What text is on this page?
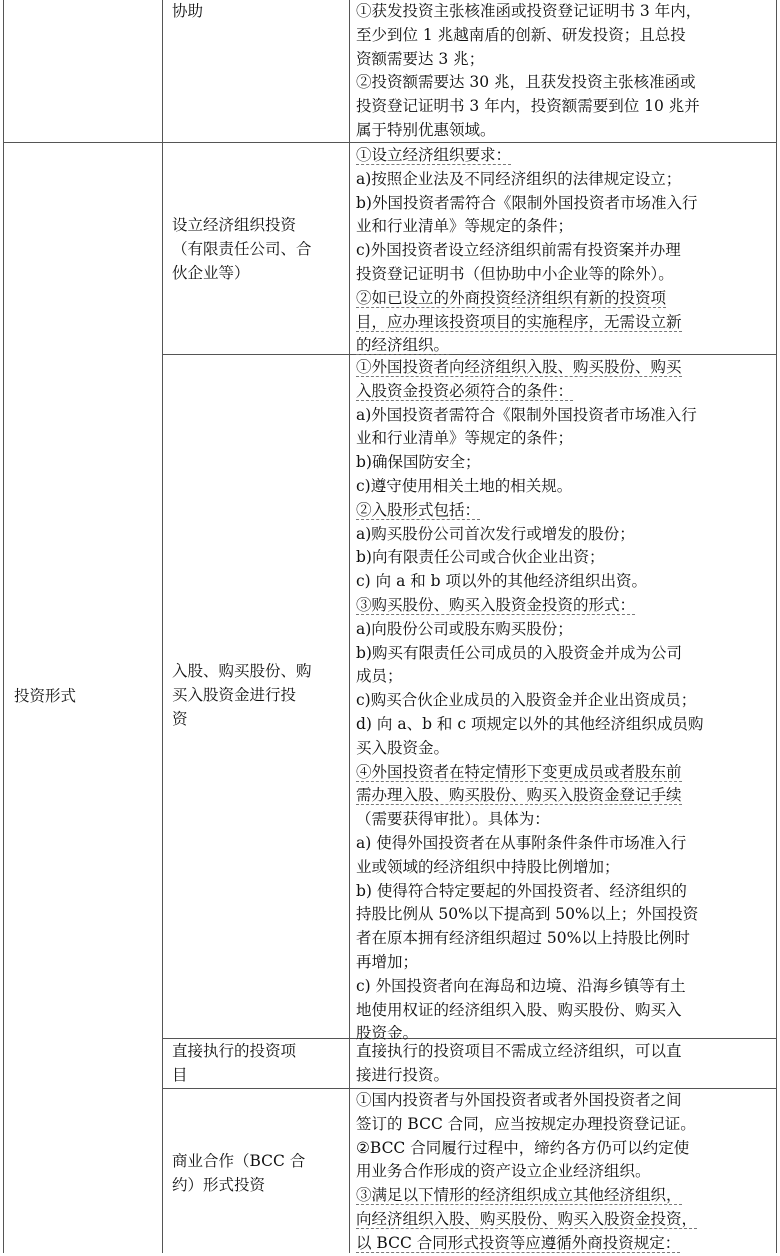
协助	①获发投资主张核准函或投资登记证明书 3 年内，

至少到位 1 兆越南盾的创新、研发投资；且总投

资额需要达 3 兆；

②投资额需要达 30 兆，且获发投资主张核准函或

投资登记证明书 3 年内，投资额需要到位 10 兆并

属于特别优惠领域。

设立经济组织投资

（有限责任公司、合

伙企业等）

①设立经济组织要求：

a)按照企业法及不同经济组织的法律规定设立；

b)外国投资者需符合《限制外国投资者市场准入行

业和行业清单》等规定的条件；

c)外国投资者设立经济组织前需有投资案并办理

投资登记证明书（但协助中小企业等的除外）。

②如已设立的外商投资经济组织有新的投资项

目，应办理该投资项目的实施程序，无需设立新

的经济组织。

投资形式

入股、购买股份、购

买入股资金进行投

资

①外国投资者向经济组织入股、购买股份、购买

入股资金投资必须符合的条件：

a)外国投资者需符合《限制外国投资者市场准入行

业和行业清单》等规定的条件；

b)确保国防安全；

c)遵守使用相关土地的相关规。

②入股形式包括：

a)购买股份公司首次发行或增发的股份；

b)向有限责任公司或合伙企业出资；

c) 向 a 和 b 项以外的其他经济组织出资。

③购买股份、购买入股资金投资的形式：

a)向股份公司或股东购买股份；

b)购买有限责任公司成员的入股资金并成为公司

成员；

c)购买合伙企业成员的入股资金并企业出资成员；

d) 向 a、b 和 c 项规定以外的其他经济组织成员购

买入股资金。

④外国投资者在特定情形下变更成员或者股东前

需办理入股、购买股份、购买入股资金登记手续

（需要获得审批）。具体为：

a) 使得外国投资者在从事附条件条件市场准入行

业或领域的经济组织中持股比例增加；

b) 使得符合特定要起的外国投资者、经济组织的

持股比例从 50%以下提高到 50%以上；外国投资

者在原本拥有经济组织超过 50%以上持股比例时

再增加；

c) 外国投资者向在海岛和边境、沿海乡镇等有土

地使用权证的经济组织入股、购买股份、购买入

股资金。

直接执行的投资项

目

直接执行的投资项目不需成立经济组织，可以直

接进行投资。

商业合作（BCC 合

约）形式投资

①国内投资者与外国投资者或者外国投资者之间

签订的 BCC 合同，应当按规定办理投资登记证。

②BCC 合同履行过程中，缔约各方仍可以约定使

用业务合作形成的资产设立企业经济组织。

③满足以下情形的经济组织成立其他经济组织，

向经济组织入股、购买股份、购买入股资金投资，

以 BCC 合同形式投资等应遵循外商投资规定：
